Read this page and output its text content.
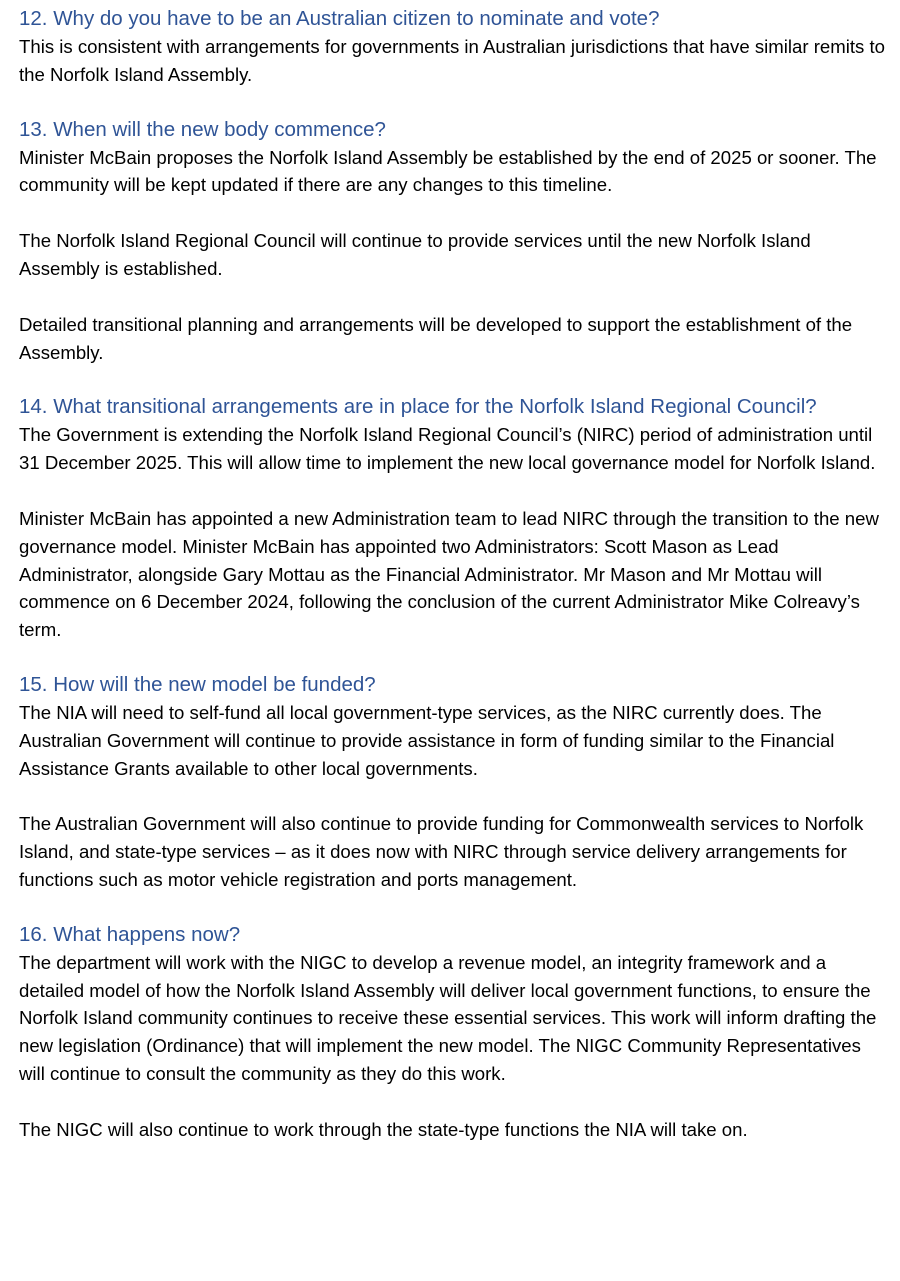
12. Why do you have to be an Australian citizen to nominate and vote?

This is consistent with arrangements for governments in Australian jurisdictions that have similar remits to the Norfolk Island Assembly.

13. When will the new body commence?

Minister McBain proposes the Norfolk Island Assembly be established by the end of 2025 or sooner. The community will be kept updated if there are any changes to this timeline.

The Norfolk Island Regional Council will continue to provide services until the new Norfolk Island Assembly is established.

Detailed transitional planning and arrangements will be developed to support the establishment of the Assembly.

14. What transitional arrangements are in place for the Norfolk Island Regional Council?

The Government is extending the Norfolk Island Regional Council’s (NIRC) period of administration until 31 December 2025. This will allow time to implement the new local governance model for Norfolk Island.

Minister McBain has appointed a new Administration team to lead NIRC through the transition to the new governance model. Minister McBain has appointed two Administrators: Scott Mason as Lead Administrator, alongside Gary Mottau as the Financial Administrator. Mr Mason and Mr Mottau will commence on 6 December 2024, following the conclusion of the current Administrator Mike Colreavy’s term.

15. How will the new model be funded?

The NIA will need to self-fund all local government-type services, as the NIRC currently does. The Australian Government will continue to provide assistance in form of funding similar to the Financial Assistance Grants available to other local governments.

The Australian Government will also continue to provide funding for Commonwealth services to Norfolk Island, and state-type services – as it does now with NIRC through service delivery arrangements for functions such as motor vehicle registration and ports management.

16. What happens now?

The department will work with the NIGC to develop a revenue model, an integrity framework and a detailed model of how the Norfolk Island Assembly will deliver local government functions, to ensure the Norfolk Island community continues to receive these essential services. This work will inform drafting the new legislation (Ordinance) that will implement the new model. The NIGC Community Representatives will continue to consult the community as they do this work.

The NIGC will also continue to work through the state-type functions the NIA will take on.
